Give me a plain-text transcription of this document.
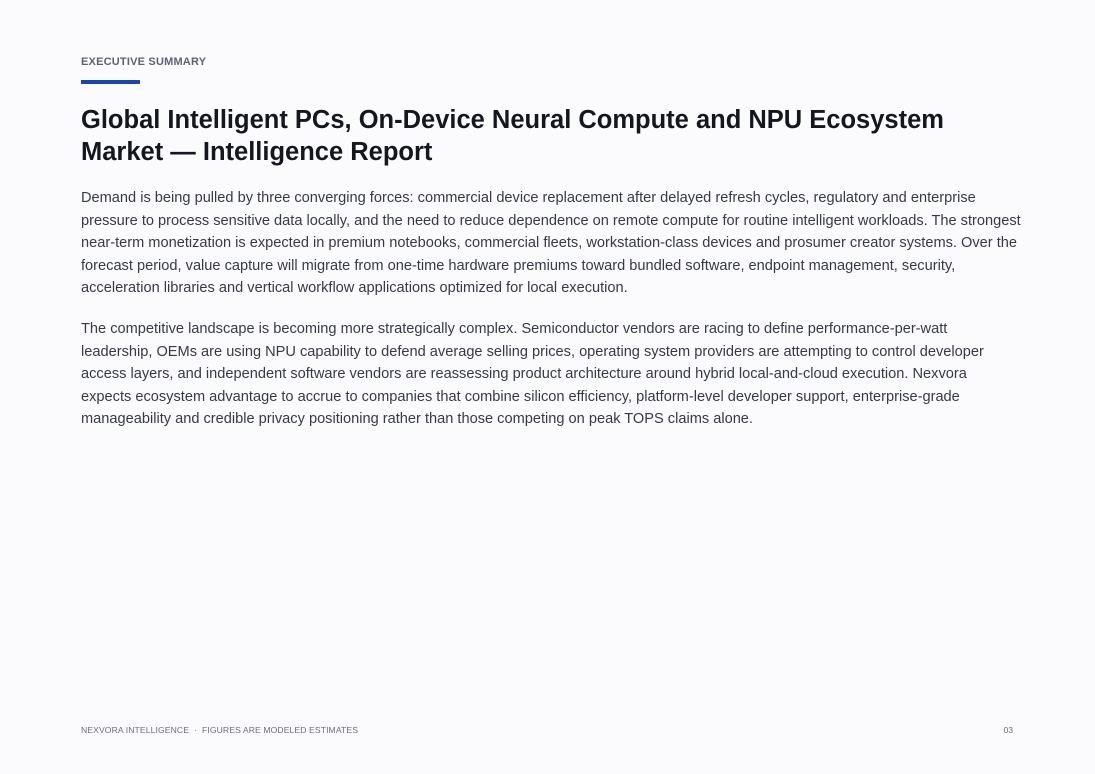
EXECUTIVE SUMMARY
Global Intelligent PCs, On-Device Neural Compute and NPU Ecosystem Market — Intelligence Report

Demand is being pulled by three converging forces: commercial device replacement after delayed refresh cycles, regulatory and enterprise pressure to process sensitive data locally, and the need to reduce dependence on remote compute for routine intelligent workloads. The strongest near-term monetization is expected in premium notebooks, commercial fleets, workstation-class devices and prosumer creator systems. Over the forecast period, value capture will migrate from one-time hardware premiums toward bundled software, endpoint management, security, acceleration libraries and vertical workflow applications optimized for local execution.

The competitive landscape is becoming more strategically complex. Semiconductor vendors are racing to define performance-per-watt leadership, OEMs are using NPU capability to defend average selling prices, operating system providers are attempting to control developer access layers, and independent software vendors are reassessing product architecture around hybrid local-and-cloud execution. Nexvora expects ecosystem advantage to accrue to companies that combine silicon efficiency, platform-level developer support, enterprise-grade manageability and credible privacy positioning rather than those competing on peak TOPS claims alone.

NEXVORA INTELLIGENCE · FIGURES ARE MODELED ESTIMATES	03
